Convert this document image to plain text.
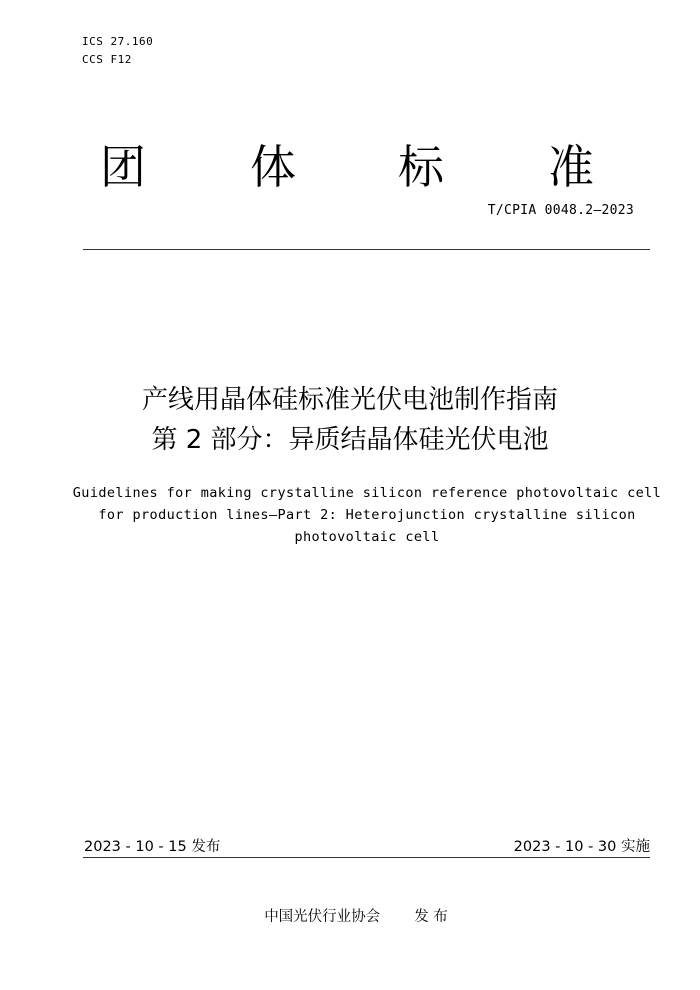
ICS 27.160
CCS F12
团 体 标 准
T/CPIA 0048.2—2023
产线用晶体硅标准光伏电池制作指南
第 2 部分：异质结晶体硅光伏电池
Guidelines for making crystalline silicon reference photovoltaic cell
for production lines—Part 2: Heterojunction crystalline silicon
photovoltaic cell
2023 - 10 - 15 发布	2023 - 10 - 30 实施
中国光伏行业协会 发 布
